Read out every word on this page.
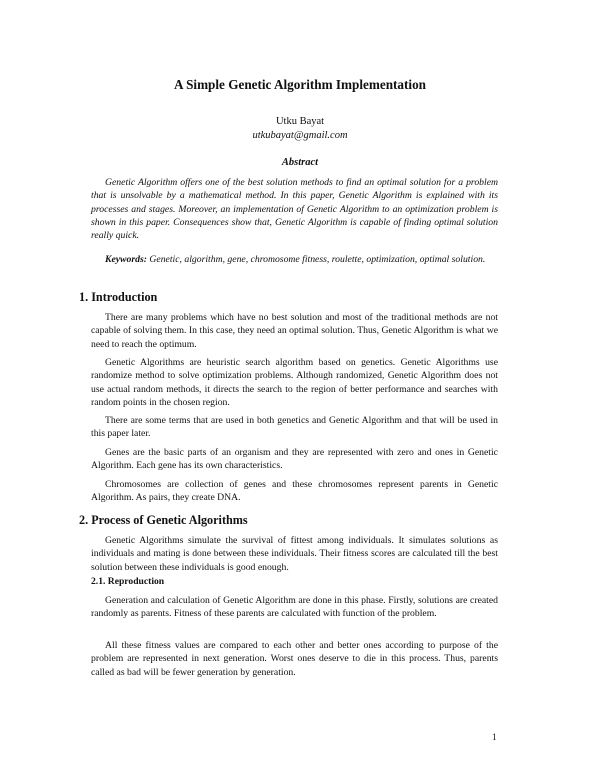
A Simple Genetic Algorithm Implementation
Utku Bayat
utkubayat@gmail.com
Abstract

Genetic Algorithm offers one of the best solution methods to find an optimal solution for a problem that is unsolvable by a mathematical method. In this paper, Genetic Algorithm is explained with its processes and stages. Moreover, an implementation of Genetic Algorithm to an optimization problem is shown in this paper. Consequences show that, Genetic Algorithm is capable of finding optimal solution really quick.

Keywords: Genetic, algorithm, gene, chromosome fitness, roulette, optimization, optimal solution.

1. Introduction

There are many problems which have no best solution and most of the traditional methods are not capable of solving them. In this case, they need an optimal solution. Thus, Genetic Algorithm is what we need to reach the optimum.

Genetic Algorithms are heuristic search algorithm based on genetics. Genetic Algorithms use randomize method to solve optimization problems. Although randomized, Genetic Algorithm does not use actual random methods, it directs the search to the region of better performance and searches with random points in the chosen region.

There are some terms that are used in both genetics and Genetic Algorithm and that will be used in this paper later.

Genes are the basic parts of an organism and they are represented with zero and ones in Genetic Algorithm. Each gene has its own characteristics.

Chromosomes are collection of genes and these chromosomes represent parents in Genetic Algorithm. As pairs, they create DNA.

2. Process of Genetic Algorithms

Genetic Algorithms simulate the survival of fittest among individuals. It simulates solutions as individuals and mating is done between these individuals. Their fitness scores are calculated till the best solution between these individuals is good enough.

2.1. Reproduction

Generation and calculation of Genetic Algorithm are done in this phase. Firstly, solutions are created randomly as parents. Fitness of these parents are calculated with function of the problem.

All these fitness values are compared to each other and better ones according to purpose of the problem are represented in next generation. Worst ones deserve to die in this process. Thus, parents called as bad will be fewer generation by generation.

1
